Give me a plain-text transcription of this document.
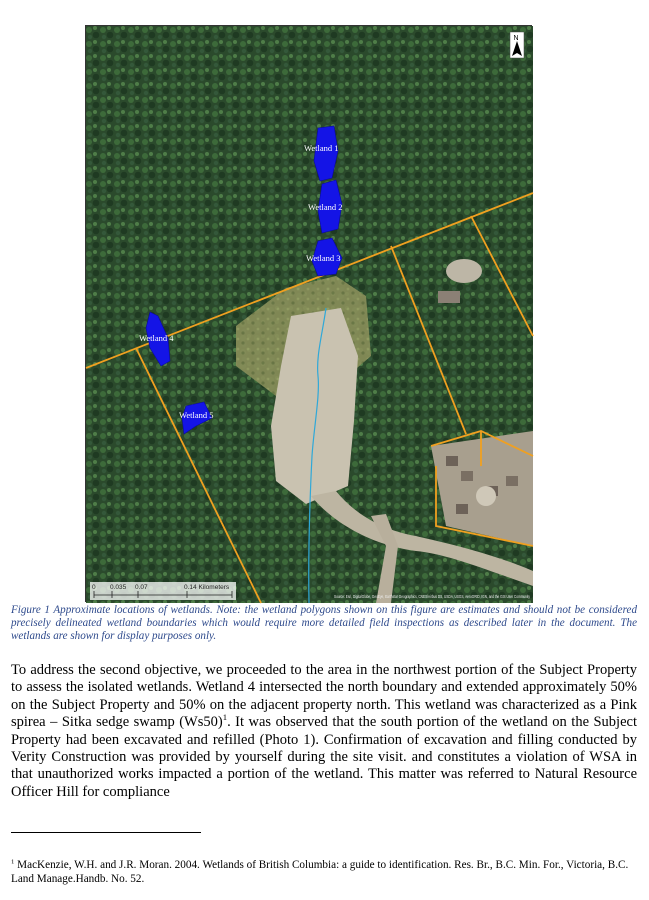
Wetland 1
Wetland 2
Wetland 3
Wetland 4
Wetland 5
N
0 0.035 0.07	0.14 Kilometers
Source: Esri, DigitalGlobe, GeoEye, Earthstar Geographics, CNES/Airbus DS, USDA, USGS, AeroGRID, IGN, and the GIS User Community

Figure 1 Approximate locations of wetlands. Note: the wetland polygons shown on this figure are estimates and should not be considered precisely delineated wetland boundaries which would require more detailed field inspections as described later in the document. The wetlands are shown for display purposes only.

To address the second objective, we proceeded to the area in the northwest portion of the Subject Property to assess the isolated wetlands. Wetland 4 intersected the north boundary and extended approximately 50% on the Subject Property and 50% on the adjacent property north. This wetland was characterized as a Pink spirea – Sitka sedge swamp $(Ws50)^1$. It was observed that the south portion of the wetland on the Subject Property had been excavated and refilled (Photo 1). Confirmation of excavation and filling conducted by Verity Construction was provided by yourself during the site visit. and constitutes a violation of WSA in that unauthorized works impacted a portion of the wetland. This matter was referred to Natural Resource Officer Hill for compliance

$^1$ MacKenzie, W.H. and J.R. Moran. 2004. Wetlands of British Columbia: a guide to identification. Res. Br., B.C. Min. For., Victoria, B.C. Land Manage.Handb. No. 52.
